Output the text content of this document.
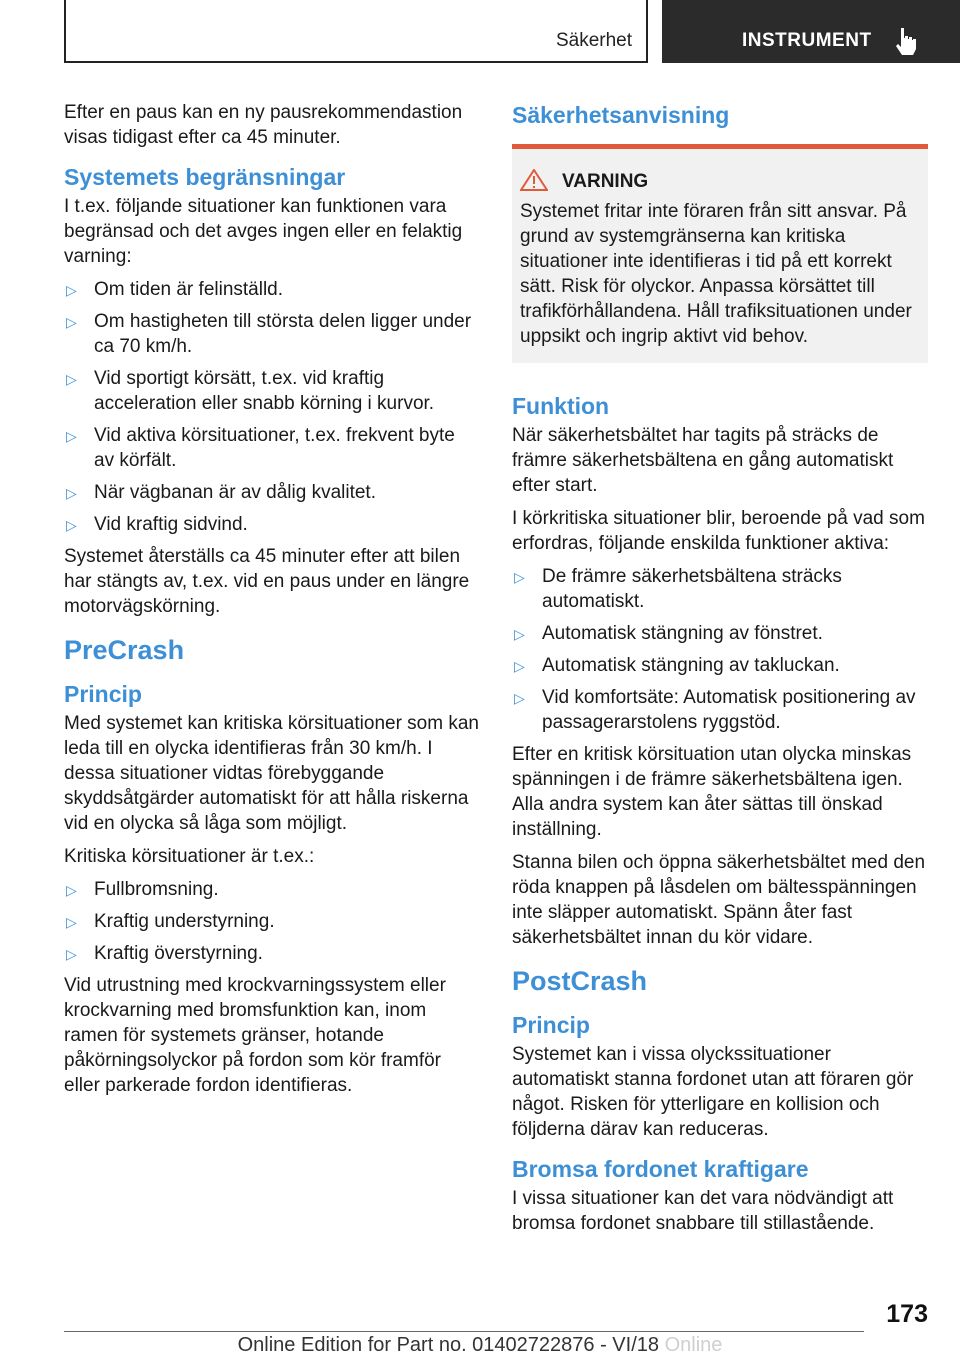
Säkerhet	INSTRUMENT

Efter en paus kan en ny pausrekommendastion visas tidigast efter ca 45 minuter.

Systemets begränsningar

I t.ex. följande situationer kan funktionen vara begränsad och det avges ingen eller en felaktig varning:

▷ Om tiden är felinställd.
▷ Om hastigheten till största delen ligger under ca 70 km/h.
▷ Vid sportigt körsätt, t.ex. vid kraftig acceleration eller snabb körning i kurvor.
▷ Vid aktiva körsituationer, t.ex. frekvent byte av körfält.
▷ När vägbanan är av dålig kvalitet.
▷ Vid kraftig sidvind.

Systemet återställs ca 45 minuter efter att bilen har stängts av, t.ex. vid en paus under en längre motorvägskörning.

PreCrash
Princip

Med systemet kan kritiska körsituationer som kan leda till en olycka identifieras från 30 km/h. I dessa situationer vidtas förebyggande skyddsåtgärder automatiskt för att hålla riskerna vid en olycka så låga som möjligt.

Kritiska körsituationer är t.ex.:

▷ Fullbromsning.
▷ Kraftig understyrning.
▷ Kraftig överstyrning.

Vid utrustning med krockvarningssystem eller krockvarning med bromsfunktion kan, inom ramen för systemets gränser, hotande påkörningsolyckor på fordon som kör framför eller parkerade fordon identifieras.

Säkerhetsanvisning
VARNING

Systemet fritar inte föraren från sitt ansvar. På grund av systemgränserna kan kritiska situationer inte identifieras i tid på ett korrekt sätt. Risk för olyckor. Anpassa körsättet till trafikförhållandena. Håll trafiksituationen under uppsikt och ingrip aktivt vid behov.

Funktion

När säkerhetsbältet har tagits på sträcks de främre säkerhetsbältena en gång automatiskt efter start.

I körkritiska situationer blir, beroende på vad som erfordras, följande enskilda funktioner aktiva:

▷ De främre säkerhetsbältena sträcks automatiskt.
▷ Automatisk stängning av fönstret.
▷ Automatisk stängning av takluckan.
▷ Vid komfortsäte: Automatisk positionering av passagerarstolens ryggstöd.

Efter en kritisk körsituation utan olycka minskas spänningen i de främre säkerhetsbältena igen. Alla andra system kan åter sättas till önskad inställning.

Stanna bilen och öppna säkerhetsbältet med den röda knappen på låsdelen om bältesspänningen inte släpper automatiskt. Spänn åter fast säkerhetsbältet innan du kör vidare.

PostCrash
Princip

Systemet kan i vissa olyckssituationer automatiskt stanna fordonet utan att föraren gör något. Risken för ytterligare en kollision och följderna därav kan reduceras.

Bromsa fordonet kraftigare

I vissa situationer kan det vara nödvändigt att bromsa fordonet snabbare till stillastående.

173
Online Edition for Part no. 01402722876 - VI/18 Online
